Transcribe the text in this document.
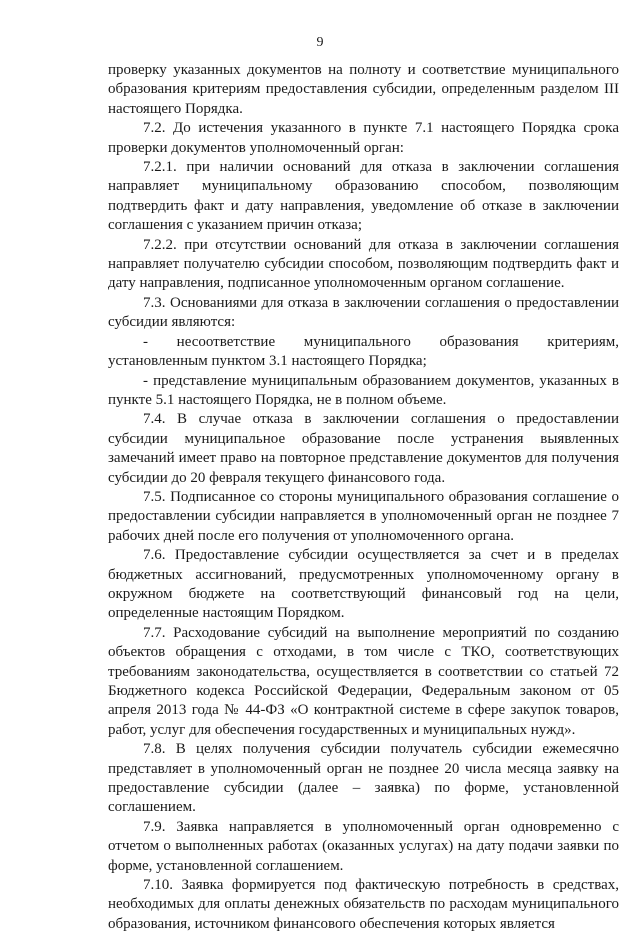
9

проверку указанных документов на полноту и соответствие муниципального образования критериям предоставления субсидии, определенным разделом III настоящего Порядка.

7.2. До истечения указанного в пункте 7.1 настоящего Порядка срока проверки документов уполномоченный орган:

7.2.1. при наличии оснований для отказа в заключении соглашения направляет муниципальному образованию способом, позволяющим подтвердить факт и дату направления, уведомление об отказе в заключении соглашения с указанием причин отказа;

7.2.2. при отсутствии оснований для отказа в заключении соглашения направляет получателю субсидии способом, позволяющим подтвердить факт и дату направления, подписанное уполномоченным органом соглашение.

7.3. Основаниями для отказа в заключении соглашения о предоставлении субсидии являются:

- несоответствие муниципального образования критериям, установленным пунктом 3.1 настоящего Порядка;

- представление муниципальным образованием документов, указанных в пункте 5.1 настоящего Порядка, не в полном объеме.

7.4. В случае отказа в заключении соглашения о предоставлении субсидии муниципальное образование после устранения выявленных замечаний имеет право на повторное представление документов для получения субсидии до 20 февраля текущего финансового года.

7.5. Подписанное со стороны муниципального образования соглашение о предоставлении субсидии направляется в уполномоченный орган не позднее 7 рабочих дней после его получения от уполномоченного органа.

7.6. Предоставление субсидии осуществляется за счет и в пределах бюджетных ассигнований, предусмотренных уполномоченному органу в окружном бюджете на соответствующий финансовый год на цели, определенные настоящим Порядком.

7.7. Расходование субсидий на выполнение мероприятий по созданию объектов обращения с отходами, в том числе с ТКО, соответствующих требованиям законодательства, осуществляется в соответствии со статьей 72 Бюджетного кодекса Российской Федерации, Федеральным законом от 05 апреля 2013 года № 44-ФЗ «О контрактной системе в сфере закупок товаров, работ, услуг для обеспечения государственных и муниципальных нужд».

7.8. В целях получения субсидии получатель субсидии ежемесячно представляет в уполномоченный орган не позднее 20 числа месяца заявку на предоставление субсидии (далее – заявка) по форме, установленной соглашением.

7.9. Заявка направляется в уполномоченный орган одновременно с отчетом о выполненных работах (оказанных услугах) на дату подачи заявки по форме, установленной соглашением.

7.10. Заявка формируется под фактическую потребность в средствах, необходимых для оплаты денежных обязательств по расходам муниципального образования, источником финансового обеспечения которых является
